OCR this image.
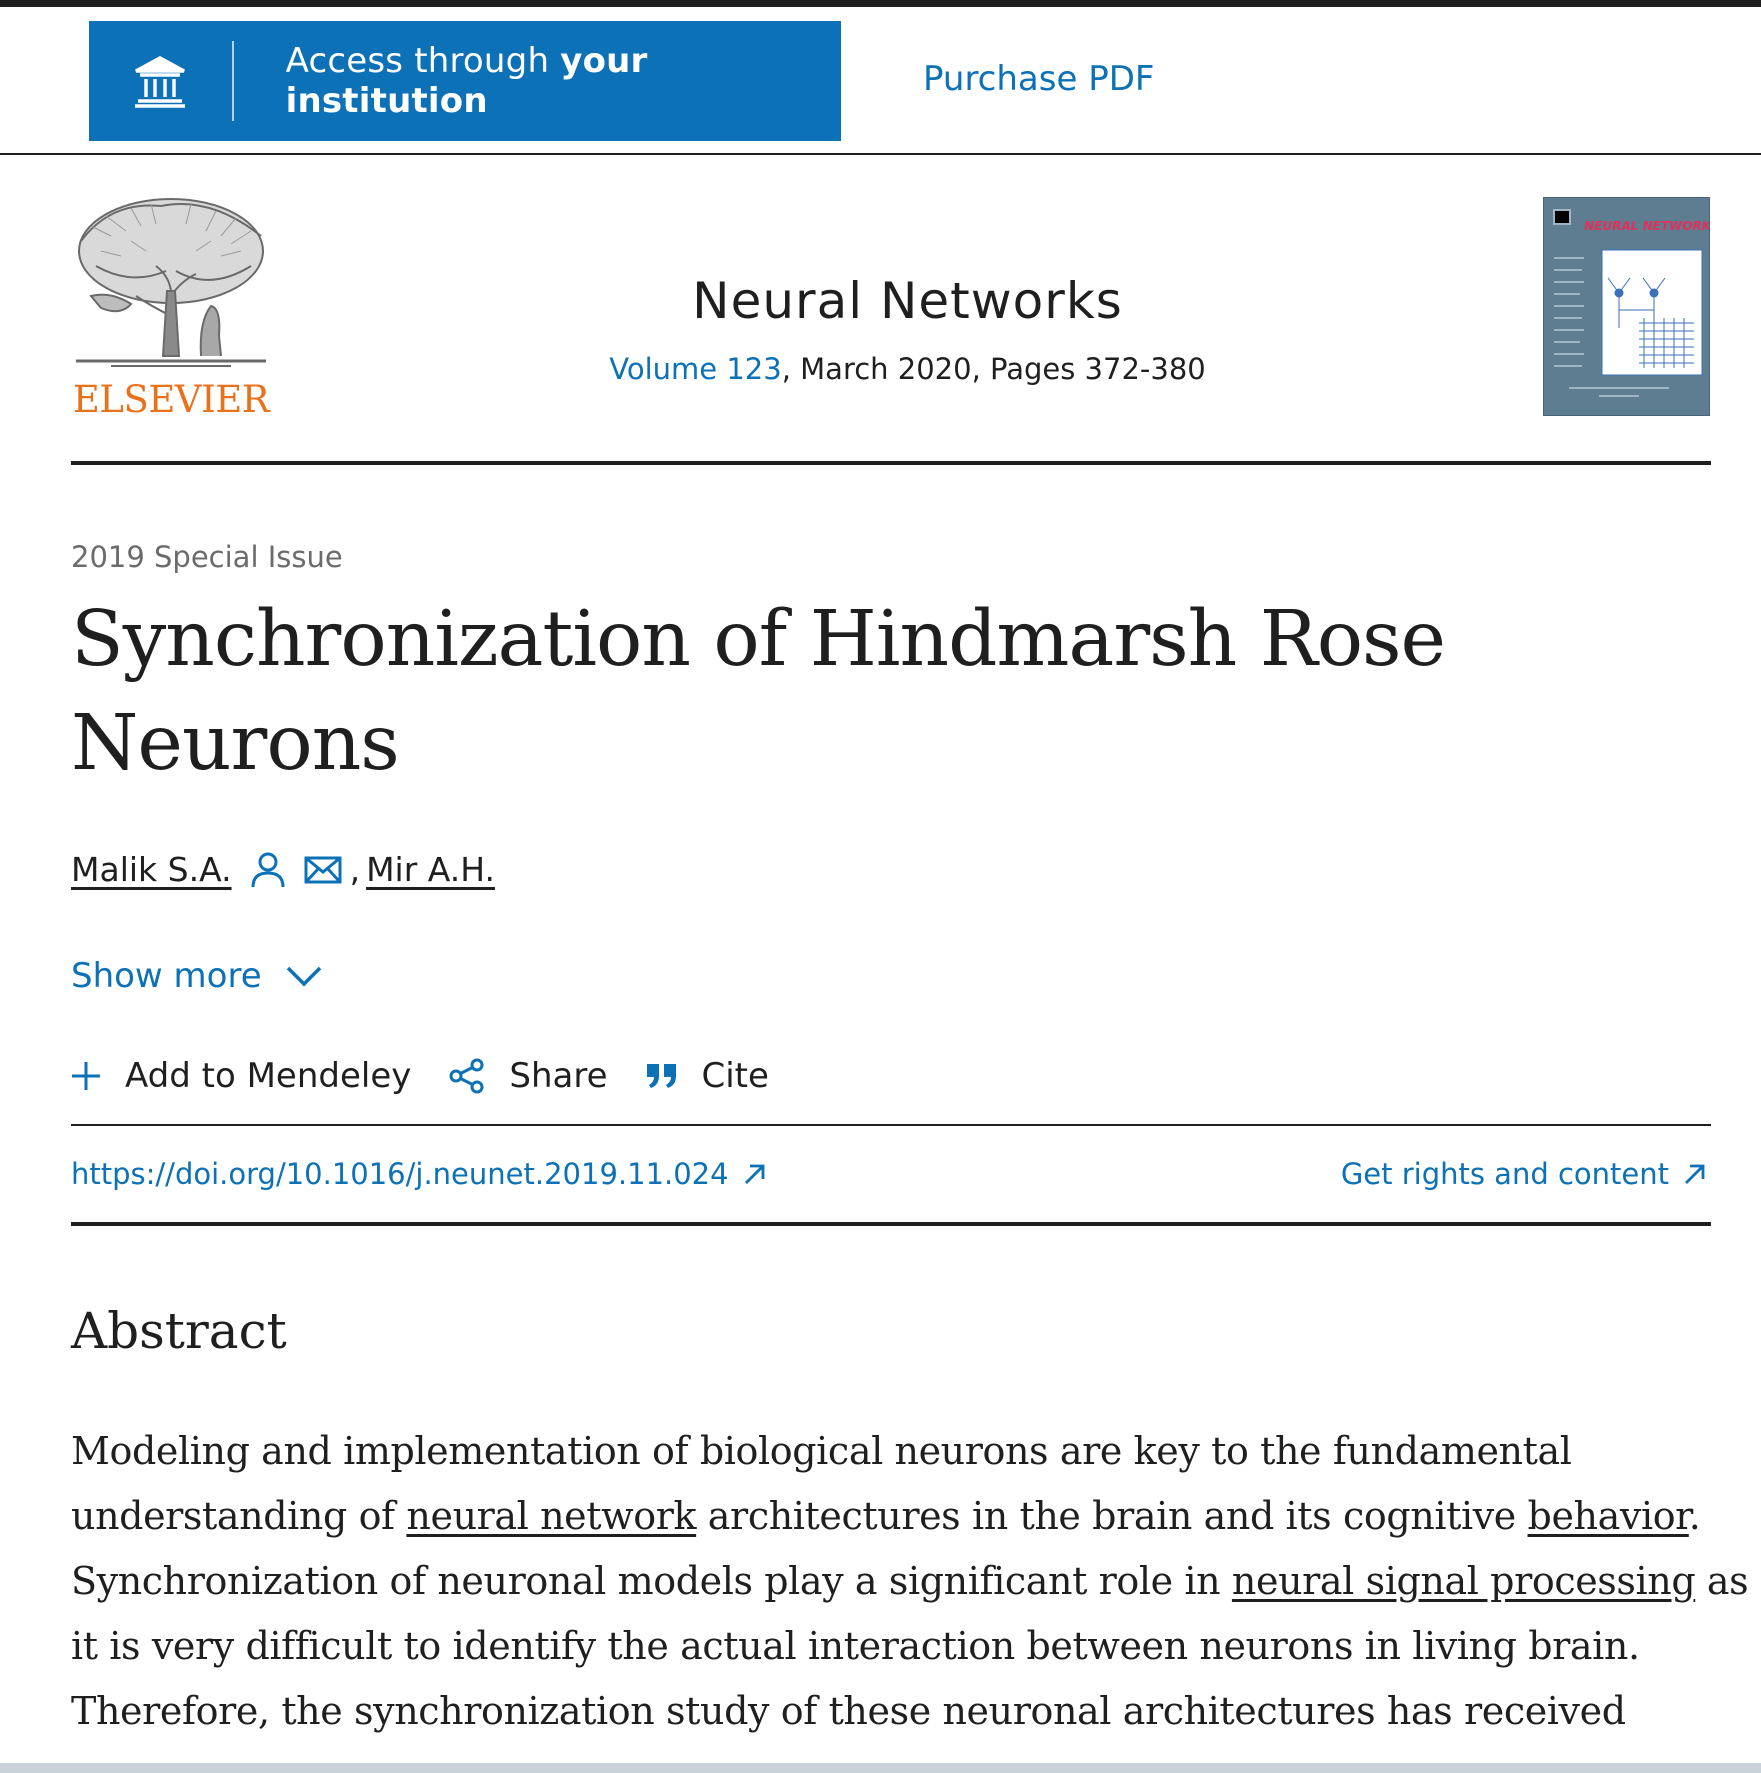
Access through your institution
Purchase PDF
ELSEVIER
Neural Networks
Volume 123, March 2020, Pages 372-380
NEURAL NETWORKS
2019 Special Issue
Synchronization of Hindmarsh Rose Neurons
Malik S.A.	, Mir A.H.
Show more
Add to Mendeley	Share	Cite
https://doi.org/10.1016/j.neunet.2019.11.024	Get rights and content
Abstract
Modeling and implementation of biological neurons are key to the fundamental
understanding of neural network architectures in the brain and its cognitive behavior.
Synchronization of neuronal models play a significant role in neural signal processing as
it is very difficult to identify the actual interaction between neurons in living brain.
Therefore, the synchronization study of these neuronal architectures has received
